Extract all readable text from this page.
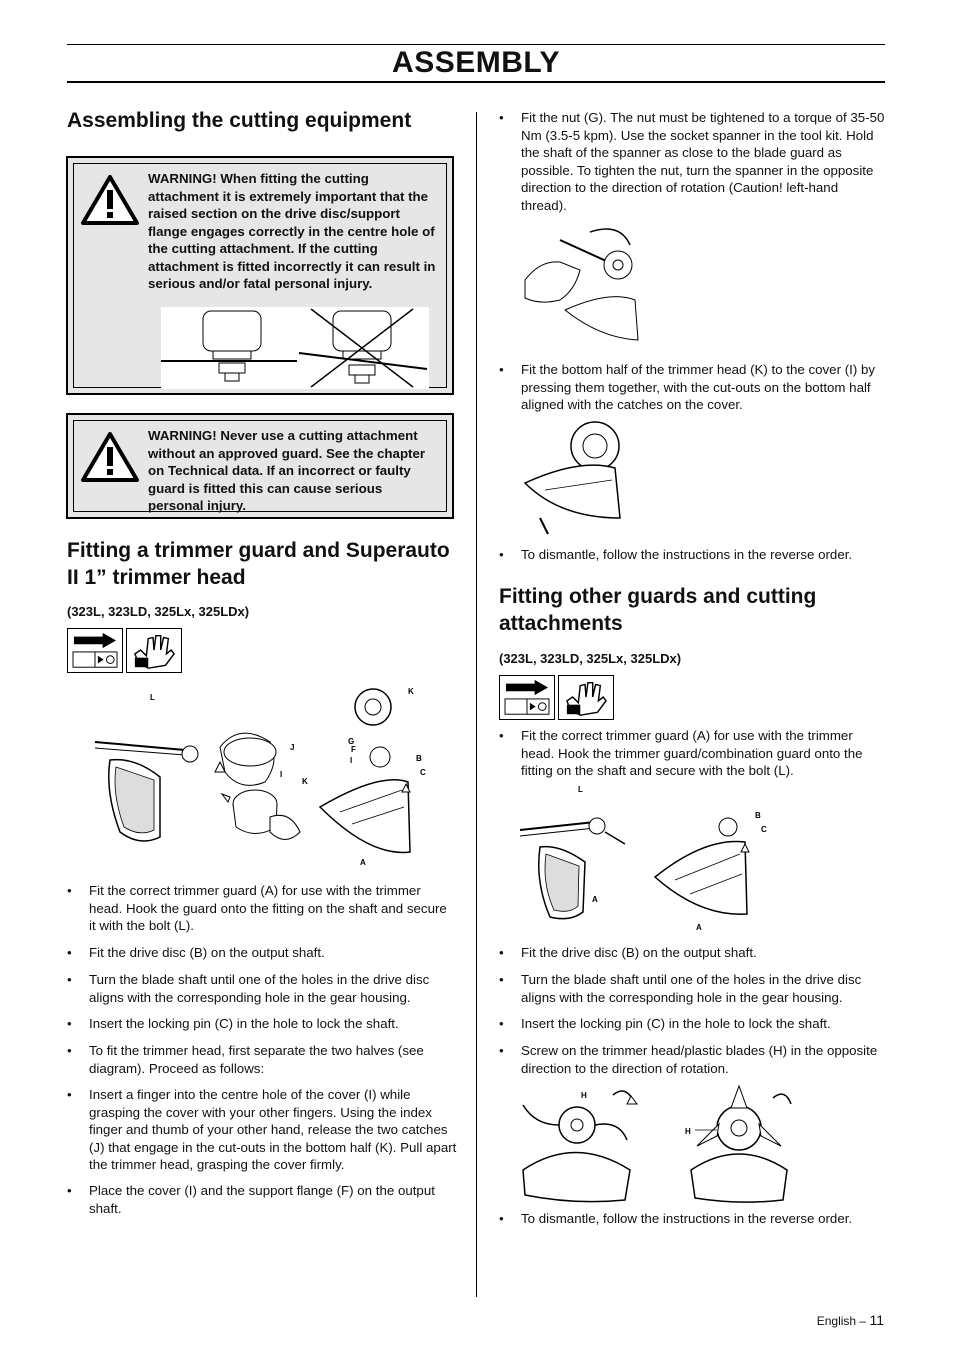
ASSEMBLY
Assembling the cutting equipment
WARNING! When fitting the cutting attachment it is extremely important that the raised section on the drive disc/support flange engages correctly in the centre hole of the cutting attachment. If the cutting attachment is fitted incorrectly it can result in serious and/or fatal personal injury.
WARNING! Never use a cutting attachment without an approved guard. See the chapter on Technical data. If an incorrect or faulty guard is fitted this can cause serious personal injury.
Fitting a trimmer guard and Superauto II 1” trimmer head
(323L, 323LD, 325Lx, 325LDx)
L
K
J
I
K
G
F
I	B
C
A
• Fit the correct trimmer guard (A) for use with the trimmer head. Hook the guard onto the fitting on the shaft and secure it with the bolt (L).
• Fit the drive disc (B) on the output shaft.
• Turn the blade shaft until one of the holes in the drive disc aligns with the corresponding hole in the gear housing.
• Insert the locking pin (C) in the hole to lock the shaft.
• To fit the trimmer head, first separate the two halves (see diagram). Proceed as follows:
• Insert a finger into the centre hole of the cover (I) while grasping the cover with your other fingers. Using the index finger and thumb of your other hand, release the two catches (J) that engage in the cut-outs in the bottom half (K). Pull apart the trimmer head, grasping the cover firmly.
• Place the cover (I) and the support flange (F) on the output shaft.
• Fit the nut (G). The nut must be tightened to a torque of 35-50 Nm (3.5-5 kpm). Use the socket spanner in the tool kit. Hold the shaft of the spanner as close to the blade guard as possible. To tighten the nut, turn the spanner in the opposite direction to the direction of rotation (Caution! left-hand thread).
• Fit the bottom half of the trimmer head (K) to the cover (I) by pressing them together, with the cut-outs on the bottom half aligned with the catches on the cover.
• To dismantle, follow the instructions in the reverse order.
Fitting other guards and cutting attachments
(323L, 323LD, 325Lx, 325LDx)
• Fit the correct trimmer guard (A) for use with the trimmer head. Hook the trimmer guard/combination guard onto the fitting on the shaft and secure with the bolt (L).
L
A
B
C
A
• Fit the drive disc (B) on the output shaft.
• Turn the blade shaft until one of the holes in the drive disc aligns with the corresponding hole in the gear housing.
• Insert the locking pin (C) in the hole to lock the shaft.
• Screw on the trimmer head/plastic blades (H) in the opposite direction to the direction of rotation.
H
H
• To dismantle, follow the instructions in the reverse order.
English – 11
